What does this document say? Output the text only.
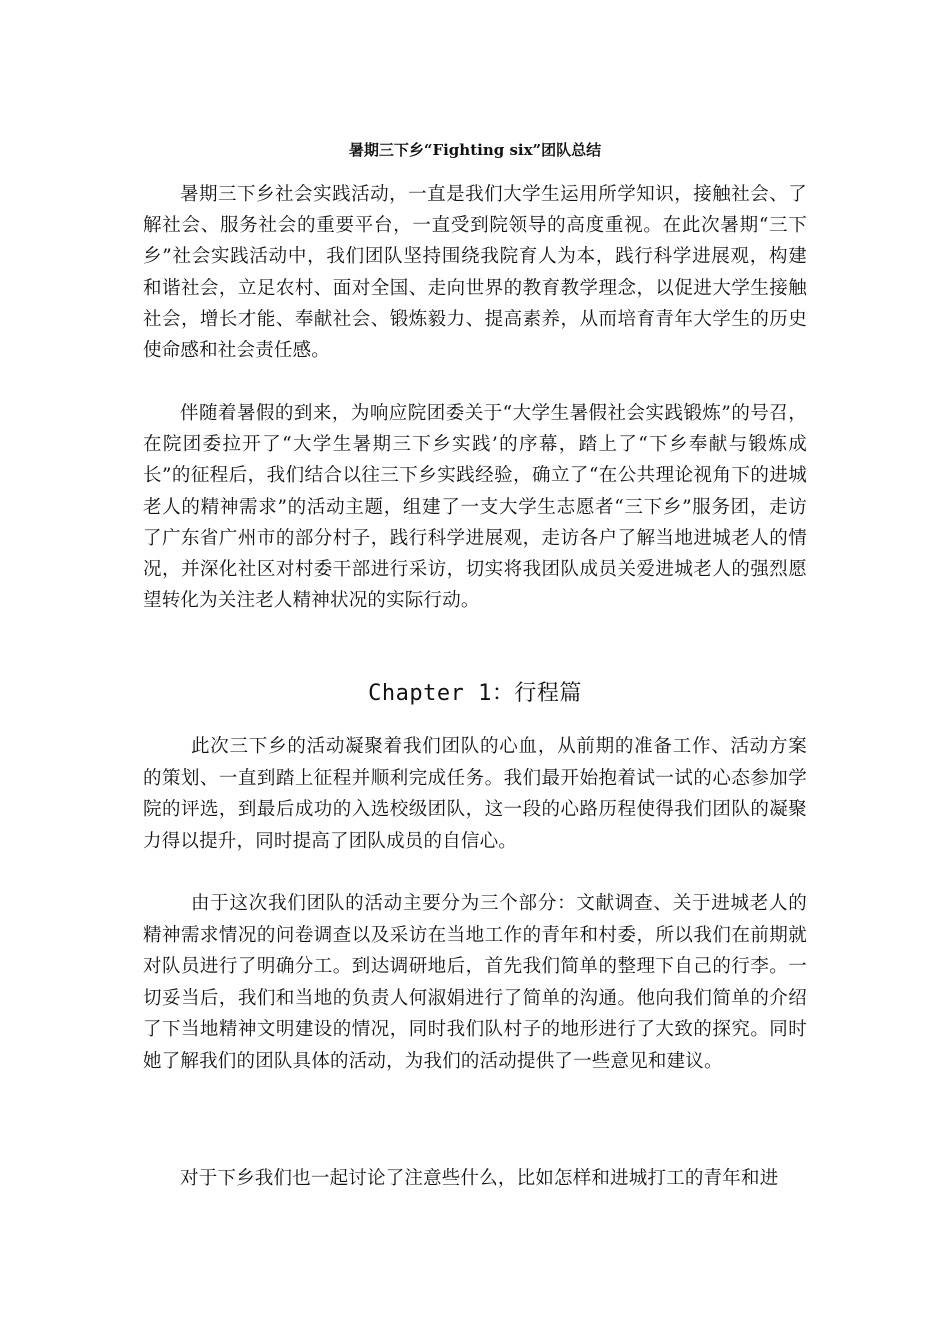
暑期三下乡“Fighting six”团队总结

暑期三下乡社会实践活动，一直是我们大学生运用所学知识，接触社会、了解社会、服务社会的重要平台，一直受到院领导的高度重视。在此次暑期“三下乡”社会实践活动中，我们团队坚持围绕我院育人为本，践行科学进展观，构建和谐社会，立足农村、面对全国、走向世界的教育教学理念，以促进大学生接触社会，增长才能、奉献社会、锻炼毅力、提高素养，从而培育青年大学生的历史使命感和社会责任感。

伴随着暑假的到来，为响应院团委关于“大学生暑假社会实践锻炼”的号召，在院团委拉开了“大学生暑期三下乡实践’的序幕，踏上了“下乡奉献与锻炼成长”的征程后，我们结合以往三下乡实践经验，确立了“在公共理论视角下的进城老人的精神需求”的活动主题，组建了一支大学生志愿者“三下乡”服务团，走访了广东省广州市的部分村子，践行科学进展观，走访各户了解当地进城老人的情况，并深化社区对村委干部进行采访，切实将我团队成员关爱进城老人的强烈愿望转化为关注老人精神状况的实际行动。

Chapter 1：行程篇

此次三下乡的活动凝聚着我们团队的心血，从前期的准备工作、活动方案的策划、一直到踏上征程并顺利完成任务。我们最开始抱着试一试的心态参加学院的评选，到最后成功的入选校级团队，这一段的心路历程使得我们团队的凝聚力得以提升，同时提高了团队成员的自信心。

由于这次我们团队的活动主要分为三个部分：文献调查、关于进城老人的精神需求情况的问卷调查以及采访在当地工作的青年和村委，所以我们在前期就对队员进行了明确分工。到达调研地后，首先我们简单的整理下自己的行李。一切妥当后，我们和当地的负责人何淑娟进行了简单的沟通。他向我们简单的介绍了下当地精神文明建设的情况，同时我们队村子的地形进行了大致的探究。同时她了解我们的团队具体的活动，为我们的活动提供了一些意见和建议。

对于下乡我们也一起讨论了注意些什么，比如怎样和进城打工的青年和进
